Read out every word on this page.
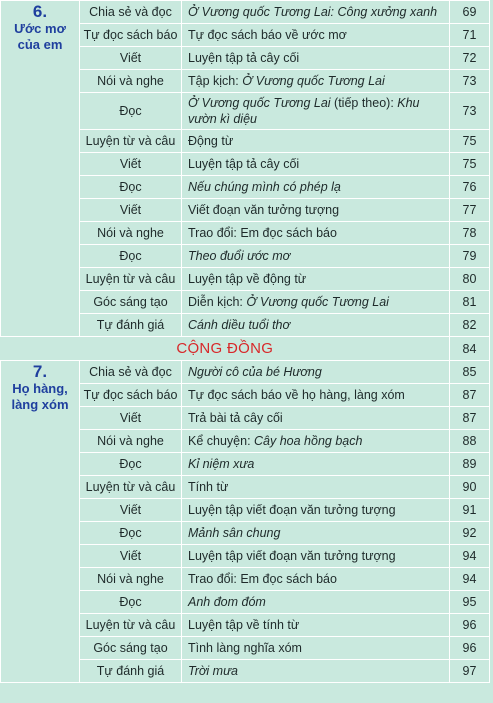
6.
Ước mơ
của em	Chia sẻ và đọc	Ở Vương quốc Tương Lai: Công xưởng xanh	69
	Tự đọc sách báo	Tự đọc sách báo về ước mơ	71
	Viết	Luyện tập tả cây cối	72
	Nói và nghe	Tập kịch: Ở Vương quốc Tương Lai	73
	Đọc	Ở Vương quốc Tương Lai (tiếp theo): Khu vườn kì diệu	73
	Luyện từ và câu	Động từ	75
	Viết	Luyện tập tả cây cối	75
	Đọc	Nếu chúng mình có phép lạ	76
	Viết	Viết đoạn văn tưởng tượng	77
	Nói và nghe	Trao đổi: Em đọc sách báo	78
	Đọc	Theo đuổi ước mơ	79
	Luyện từ và câu	Luyện tập về động từ	80
	Góc sáng tạo	Diễn kịch: Ở Vương quốc Tương Lai	81
	Tự đánh giá	Cánh diều tuổi thơ	82
CỘNG ĐỒNG			84

7.
Họ hàng,
làng xóm	Chia sẻ và đọc	Người cô của bé Hương	85
	Tự đọc sách báo	Tự đọc sách báo về họ hàng, làng xóm	87
	Viết	Trả bài tả cây cối	87
	Nói và nghe	Kể chuyện: Cây hoa hồng bạch	88
	Đọc	Kỉ niệm xưa	89
	Luyện từ và câu	Tính từ	90
	Viết	Luyện tập viết đoạn văn tưởng tượng	91
	Đọc	Mảnh sân chung	92
	Viết	Luyện tập viết đoạn văn tưởng tượng	94
	Nói và nghe	Trao đổi: Em đọc sách báo	94
	Đọc	Anh đom đóm	95
	Luyện từ và câu	Luyện tập về tính từ	96
	Góc sáng tạo	Tình làng nghĩa xóm	96
	Tự đánh giá	Trời mưa	97
